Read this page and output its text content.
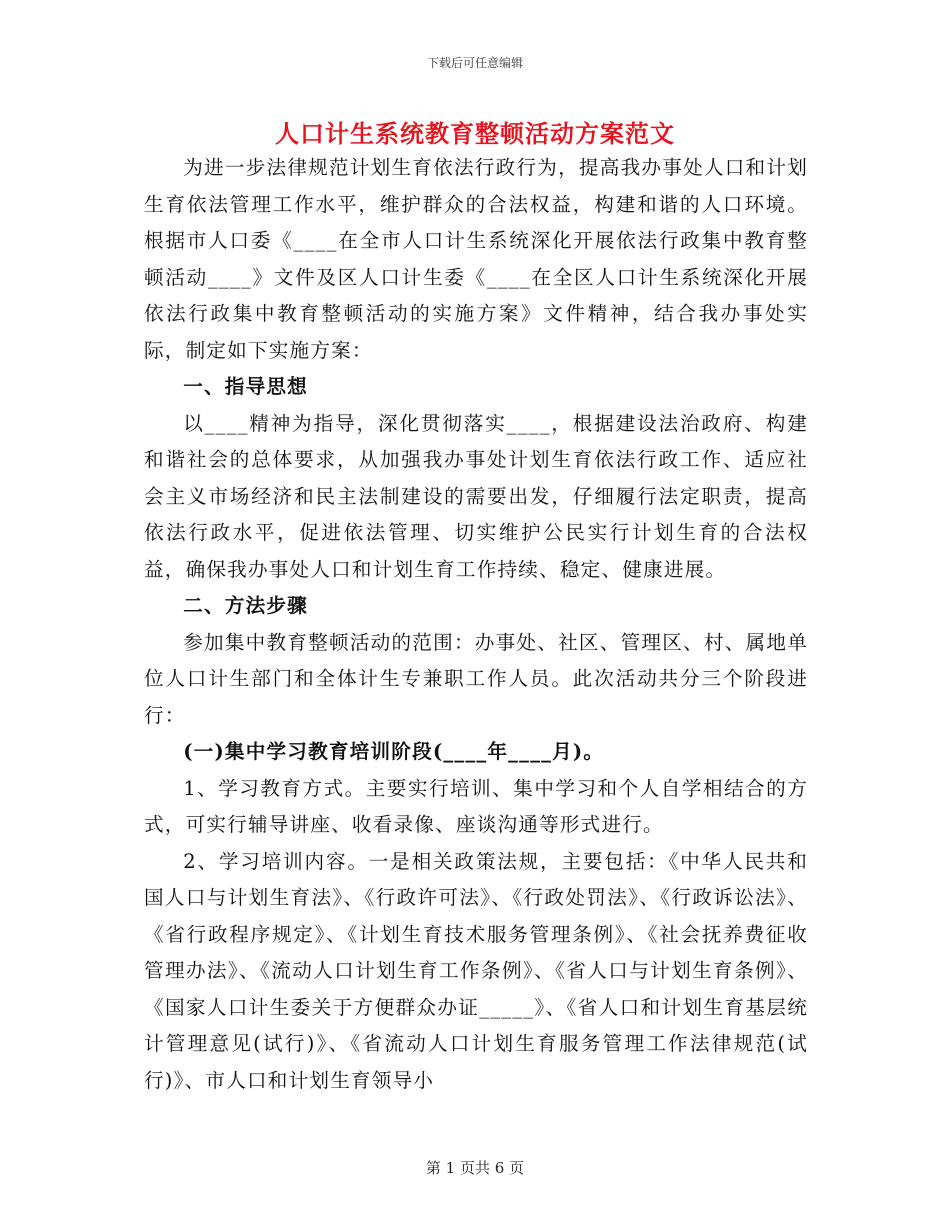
下载后可任意编辑
人口计生系统教育整顿活动方案范文

为进一步法律规范计划生育依法行政行为，提高我办事处人口和计划生育依法管理工作水平，维护群众的合法权益，构建和谐的人口环境。根据市人口委《____在全市人口计生系统深化开展依法行政集中教育整顿活动____》文件及区人口计生委《____在全区人口计生系统深化开展依法行政集中教育整顿活动的实施方案》文件精神，结合我办事处实际，制定如下实施方案：

一、指导思想

以____精神为指导，深化贯彻落实____，根据建设法治政府、构建和谐社会的总体要求，从加强我办事处计划生育依法行政工作、适应社会主义市场经济和民主法制建设的需要出发，仔细履行法定职责，提高依法行政水平，促进依法管理、切实维护公民实行计划生育的合法权益，确保我办事处人口和计划生育工作持续、稳定、健康进展。

二、方法步骤

参加集中教育整顿活动的范围：办事处、社区、管理区、村、属地单位人口计生部门和全体计生专兼职工作人员。此次活动共分三个阶段进行：

(一)集中学习教育培训阶段(____年____月)。

1、学习教育方式。主要实行培训、集中学习和个人自学相结合的方式，可实行辅导讲座、收看录像、座谈沟通等形式进行。

2、学习培训内容。一是相关政策法规，主要包括：《中华人民共和国人口与计划生育法》、《行政许可法》、《行政处罚法》、《行政诉讼法》、《省行政程序规定》、《计划生育技术服务管理条例》、《社会抚养费征收管理办法》、《流动人口计划生育工作条例》、《省人口与计划生育条例》、《国家人口计生委关于方便群众办证_____》、《省人口和计划生育基层统计管理意见(试行)》、《省流动人口计划生育服务管理工作法律规范(试行)》、市人口和计划生育领导小

第 1 页共 6 页
